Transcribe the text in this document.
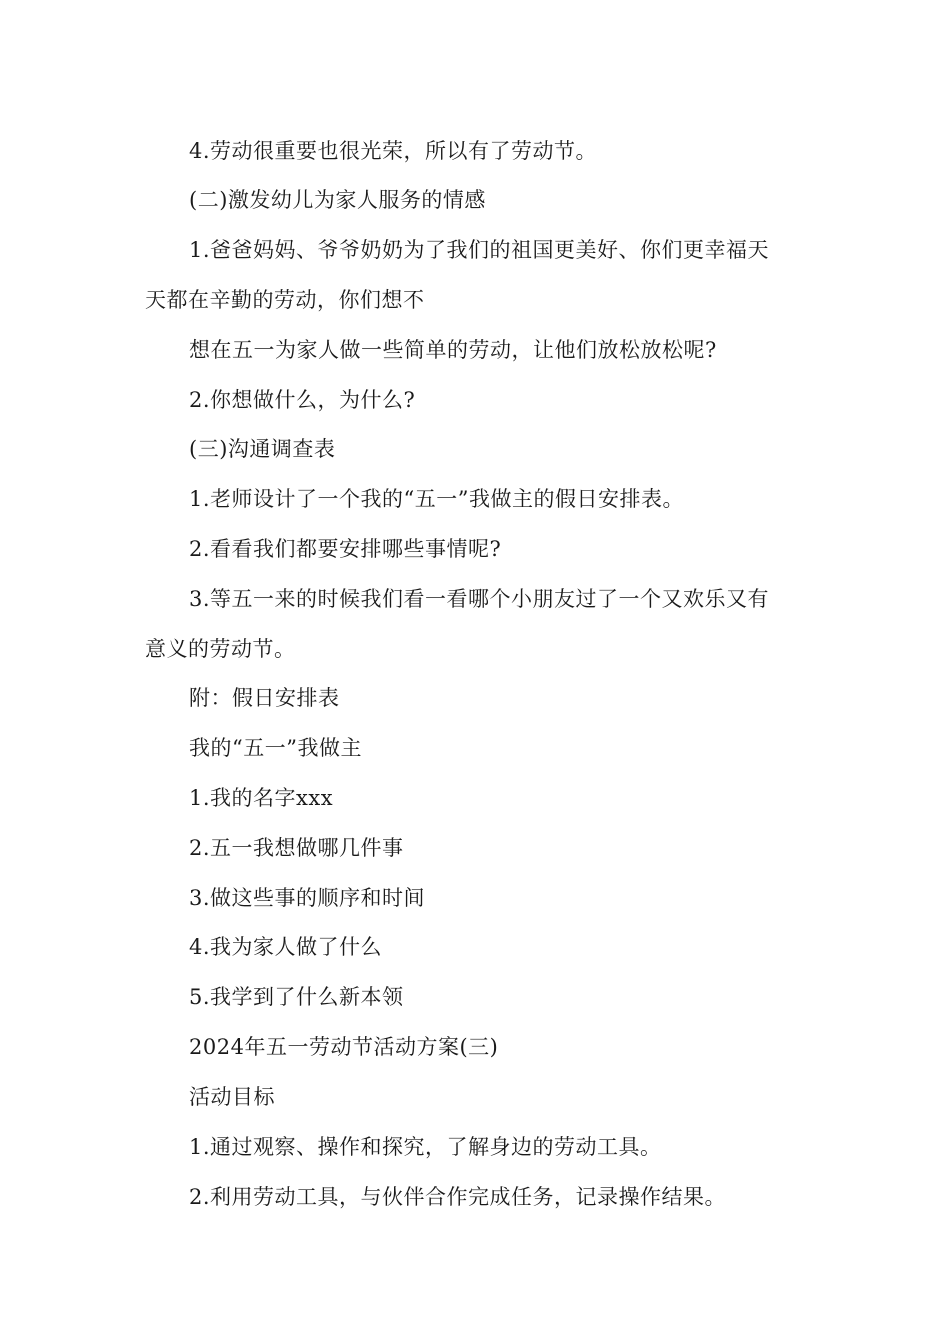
4.劳动很重要也很光荣，所以有了劳动节。
(二)激发幼儿为家人服务的情感
1.爸爸妈妈、爷爷奶奶为了我们的祖国更美好、你们更幸福天
天都在辛勤的劳动，你们想不
想在五一为家人做一些简单的劳动，让他们放松放松呢?
2.你想做什么，为什么?
(三)沟通调查表
1.老师设计了一个我的“五一”我做主的假日安排表。
2.看看我们都要安排哪些事情呢?
3.等五一来的时候我们看一看哪个小朋友过了一个又欢乐又有
意义的劳动节。
附：假日安排表
我的“五一”我做主
1.我的名字xxx
2.五一我想做哪几件事
3.做这些事的顺序和时间
4.我为家人做了什么
5.我学到了什么新本领
2024年五一劳动节活动方案(三)
活动目标
1.通过观察、操作和探究，了解身边的劳动工具。
2.利用劳动工具，与伙伴合作完成任务，记录操作结果。
